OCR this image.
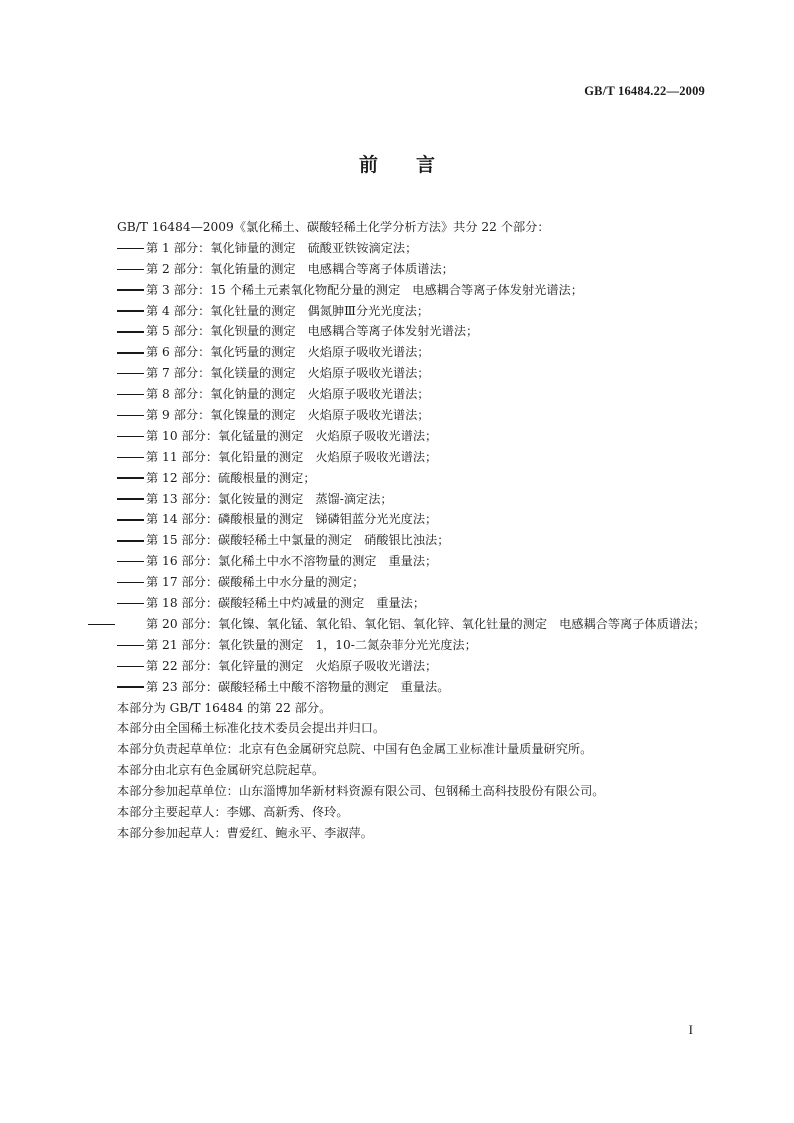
GB/T 16484.22—2009
前言
GB/T 16484—2009《氯化稀土、碳酸轻稀土化学分析方法》共分 22 个部分：
第 1 部分：氧化铈量的测定 硫酸亚铁铵滴定法；
第 2 部分：氧化铕量的测定 电感耦合等离子体质谱法；
第 3 部分：15 个稀土元素氧化物配分量的测定 电感耦合等离子体发射光谱法；
第 4 部分：氧化钍量的测定 偶氮胂Ⅲ分光光度法；
第 5 部分：氧化钡量的测定 电感耦合等离子体发射光谱法；
第 6 部分：氧化钙量的测定 火焰原子吸收光谱法；
第 7 部分：氧化镁量的测定 火焰原子吸收光谱法；
第 8 部分：氧化钠量的测定 火焰原子吸收光谱法；
第 9 部分：氧化镍量的测定 火焰原子吸收光谱法；
第 10 部分：氧化锰量的测定 火焰原子吸收光谱法；
第 11 部分：氧化铅量的测定 火焰原子吸收光谱法；
第 12 部分：硫酸根量的测定；
第 13 部分：氯化铵量的测定 蒸馏-滴定法；
第 14 部分：磷酸根量的测定 锑磷钼蓝分光光度法；
第 15 部分：碳酸轻稀土中氯量的测定 硝酸银比浊法；
第 16 部分：氯化稀土中水不溶物量的测定 重量法；
第 17 部分：碳酸稀土中水分量的测定；
第 18 部分：碳酸轻稀土中灼减量的测定 重量法；
第 20 部分：氧化镍、氧化锰、氧化铅、氧化铝、氧化锌、氧化钍量的测定 电感耦合等离子体质谱法；
第 21 部分：氧化铁量的测定 1，10-二氮杂菲分光光度法；
第 22 部分：氧化锌量的测定 火焰原子吸收光谱法；
第 23 部分：碳酸轻稀土中酸不溶物量的测定 重量法。
本部分为 GB/T 16484 的第 22 部分。
本部分由全国稀土标准化技术委员会提出并归口。
本部分负责起草单位：北京有色金属研究总院、中国有色金属工业标准计量质量研究所。
本部分由北京有色金属研究总院起草。
本部分参加起草单位：山东淄博加华新材料资源有限公司、包钢稀土高科技股份有限公司。
本部分主要起草人：李娜、高新秀、佟玲。
本部分参加起草人：曹爱红、鲍永平、李淑萍。
I
